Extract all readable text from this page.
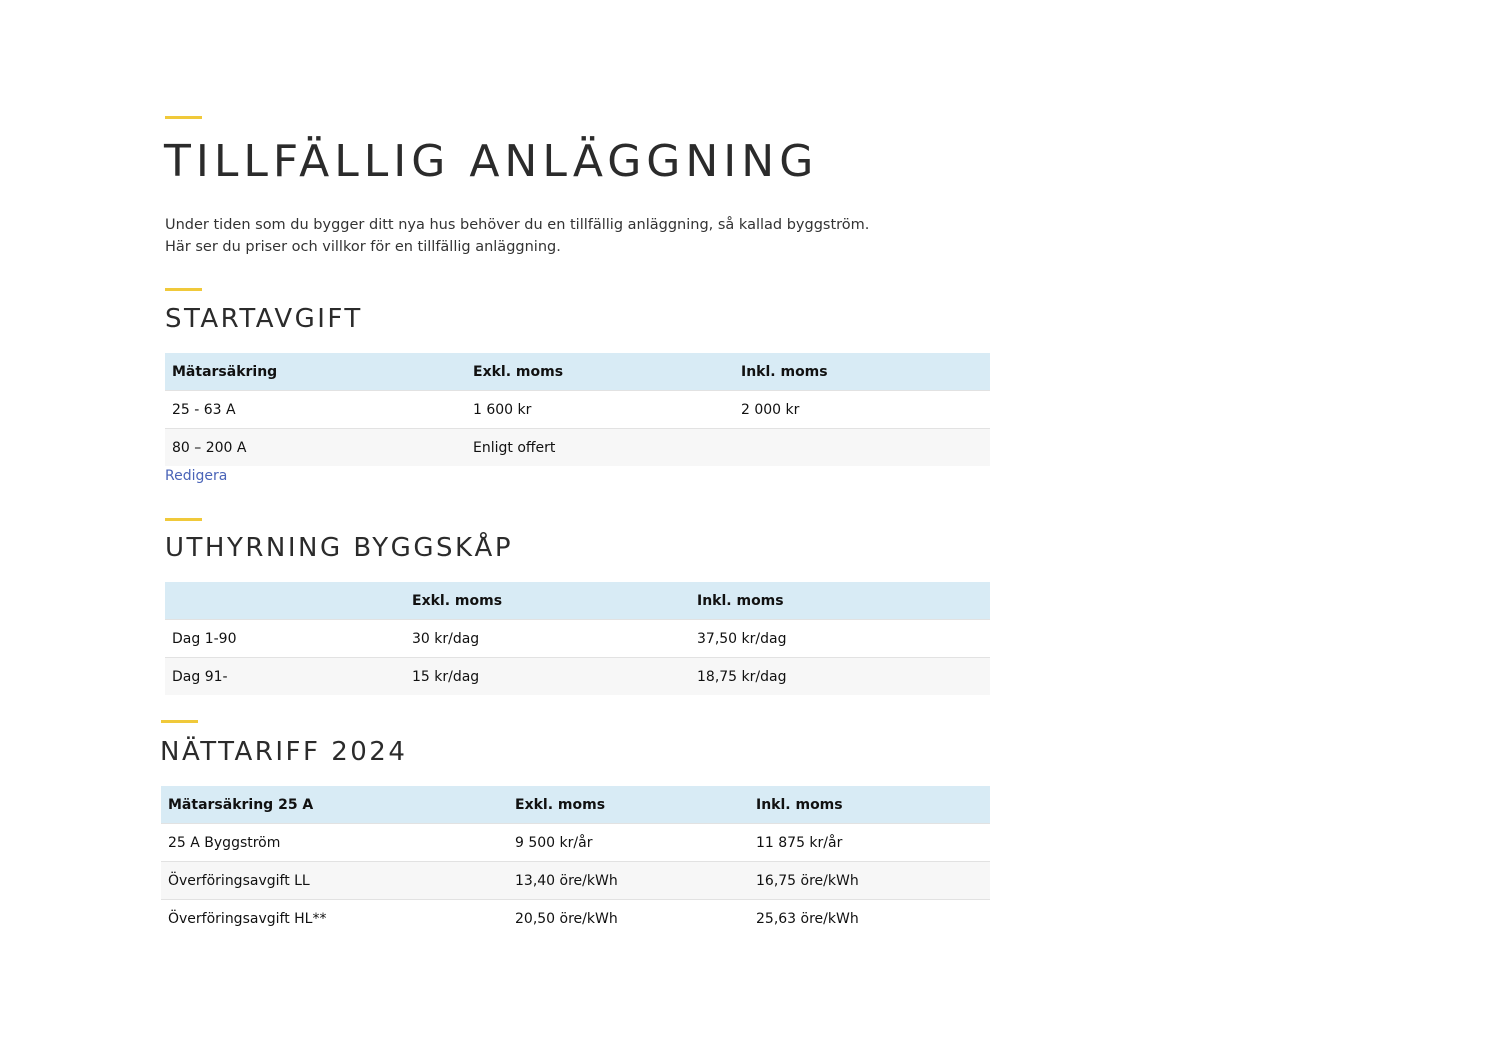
TILLFÄLLIG ANLÄGGNING

Under tiden som du bygger ditt nya hus behöver du en tillfällig anläggning, så kallad byggström.

Här ser du priser och villkor för en tillfällig anläggning.

STARTAVGIFT
Mätarsäkring	Exkl. moms	Inkl. moms
25 - 63 A	1 600 kr	2 000 kr
80 – 200 A	Enligt offert	
Redigera
UTHYRNING BYGGSKÅP
	Exkl. moms	Inkl. moms
Dag 1-90	30 kr/dag	37,50 kr/dag
Dag 91-	15 kr/dag	18,75 kr/dag
NÄTTARIFF 2024
Mätarsäkring 25 A	Exkl. moms	Inkl. moms
25 A Byggström	9 500 kr/år	11 875 kr/år
Överföringsavgift LL	13,40 öre/kWh	16,75 öre/kWh
Överföringsavgift HL**	20,50 öre/kWh	25,63 öre/kWh
